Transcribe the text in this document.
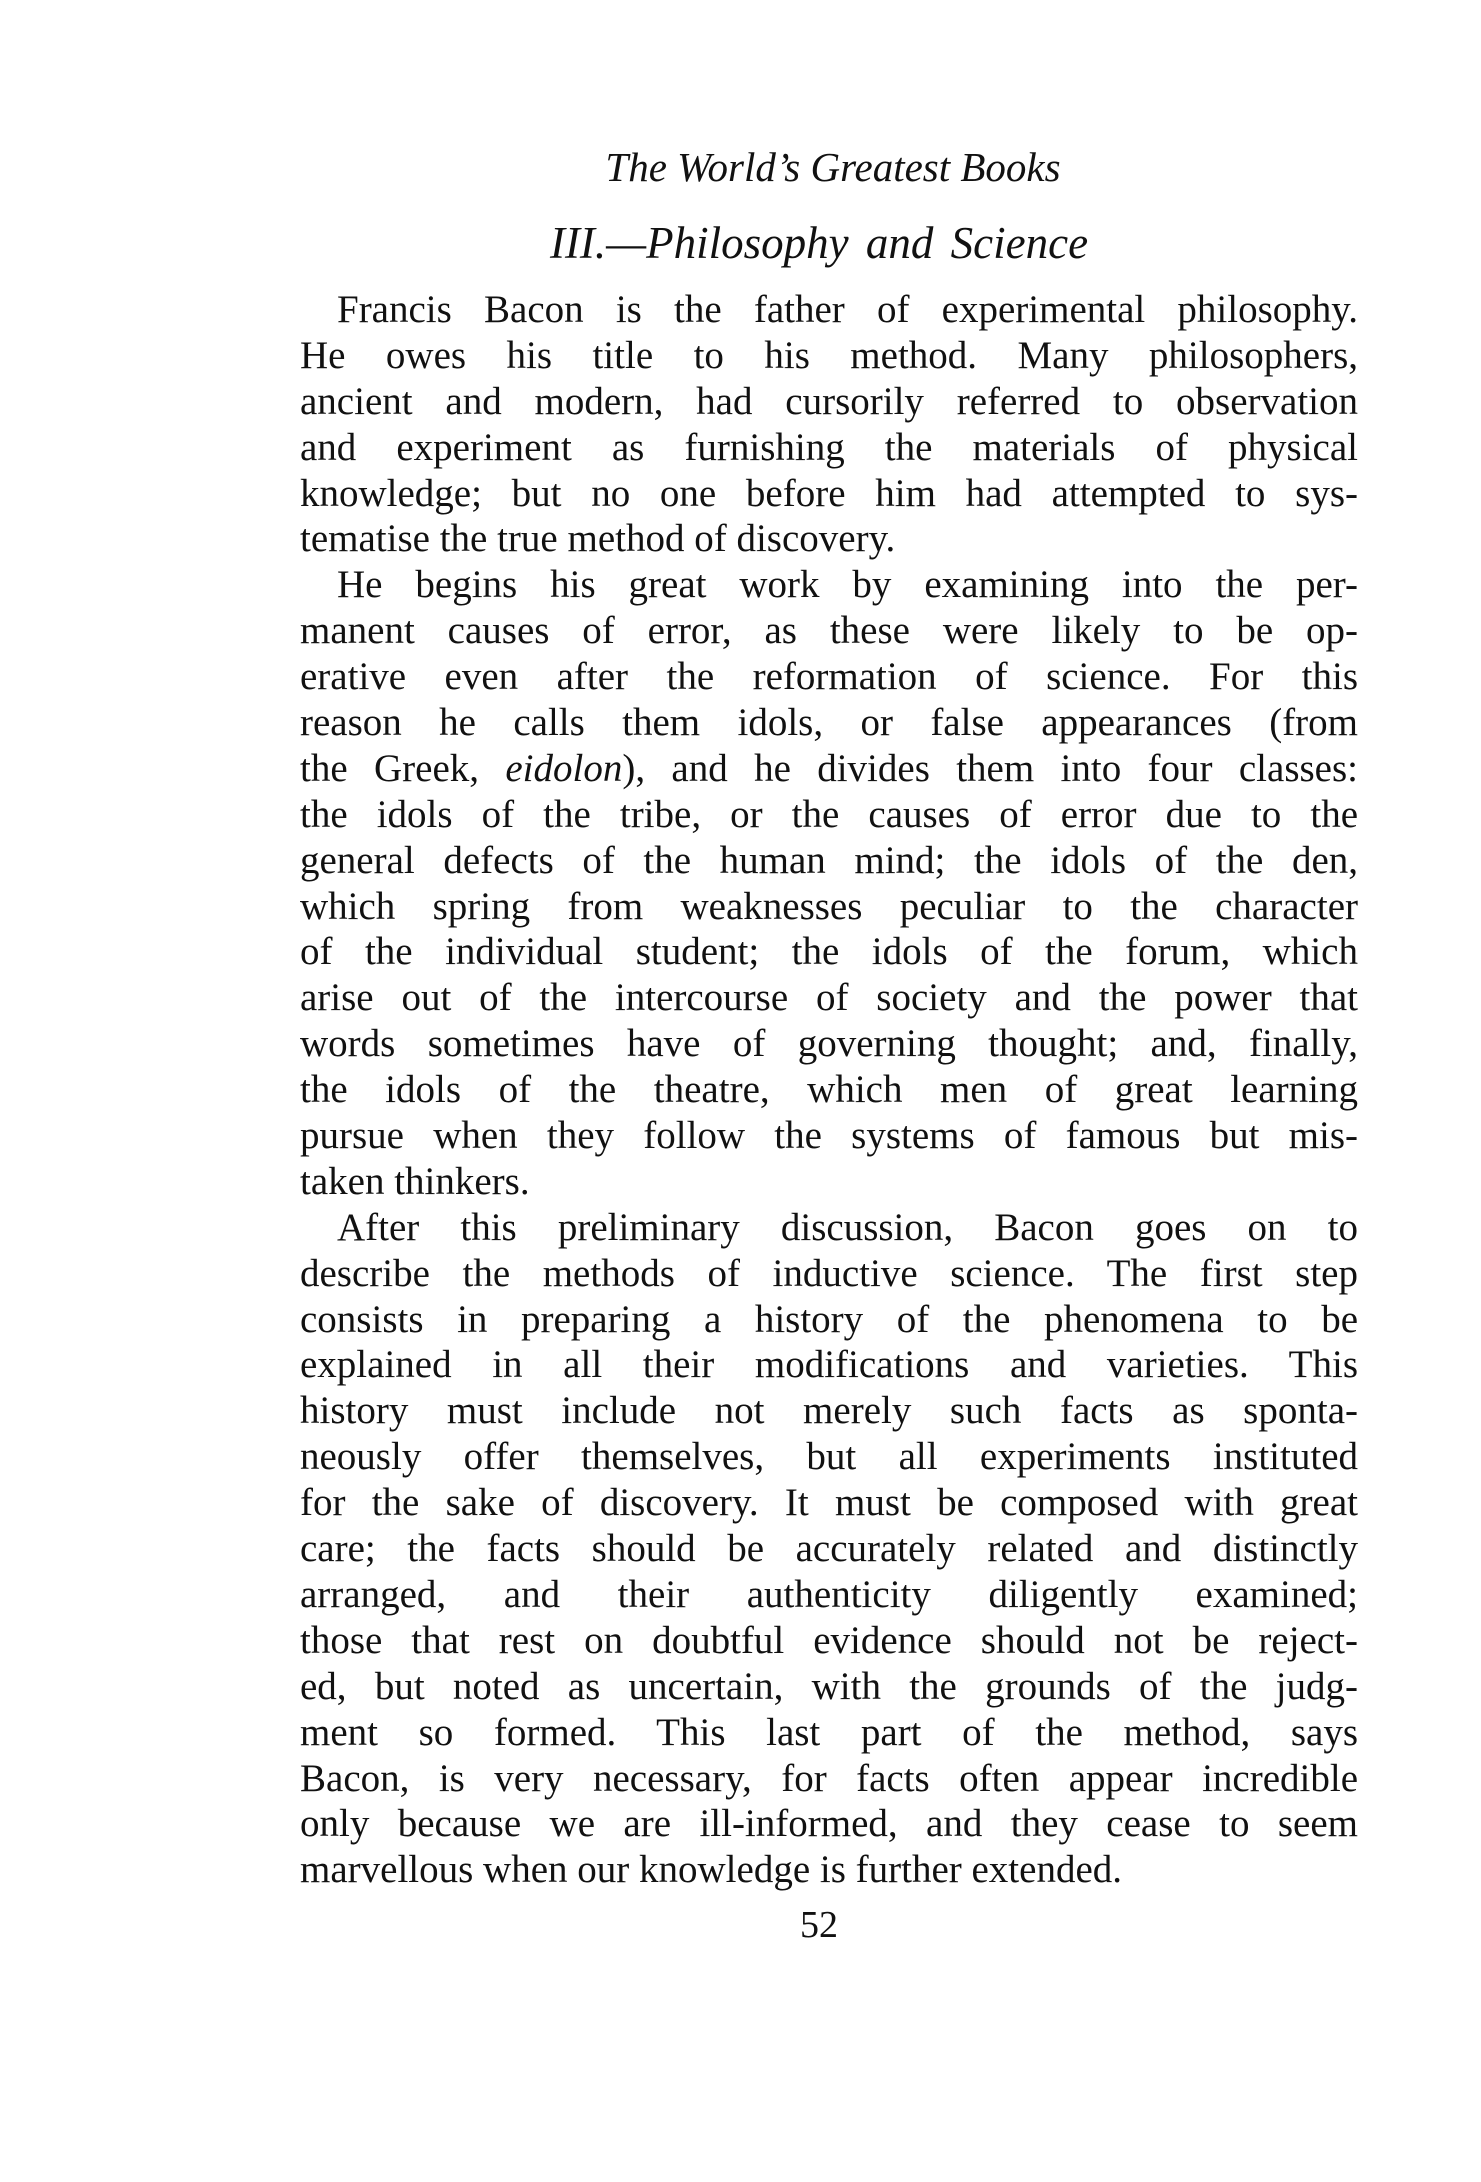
The World’s Greatest Books
III.—Philosophy and Science
Francis Bacon is the father of experimental philosophy.
He owes his title to his method. Many philosophers,
ancient and modern, had cursorily referred to observation
and experiment as furnishing the materials of physical
knowledge; but no one before him had attempted to sys-
tematise the true method of discovery.
He begins his great work by examining into the per-
manent causes of error, as these were likely to be op-
erative even after the reformation of science. For this
reason he calls them idols, or false appearances (from
the Greek, eidolon), and he divides them into four classes:
the idols of the tribe, or the causes of error due to the
general defects of the human mind; the idols of the den,
which spring from weaknesses peculiar to the character
of the individual student; the idols of the forum, which
arise out of the intercourse of society and the power that
words sometimes have of governing thought; and, finally,
the idols of the theatre, which men of great learning
pursue when they follow the systems of famous but mis-
taken thinkers.
After this preliminary discussion, Bacon goes on to
describe the methods of inductive science. The first step
consists in preparing a history of the phenomena to be
explained in all their modifications and varieties. This
history must include not merely such facts as sponta-
neously offer themselves, but all experiments instituted
for the sake of discovery. It must be composed with great
care; the facts should be accurately related and distinctly
arranged, and their authenticity diligently examined;
those that rest on doubtful evidence should not be reject-
ed, but noted as uncertain, with the grounds of the judg-
ment so formed. This last part of the method, says
Bacon, is very necessary, for facts often appear incredible
only because we are ill-informed, and they cease to seem
marvellous when our knowledge is further extended.
52
